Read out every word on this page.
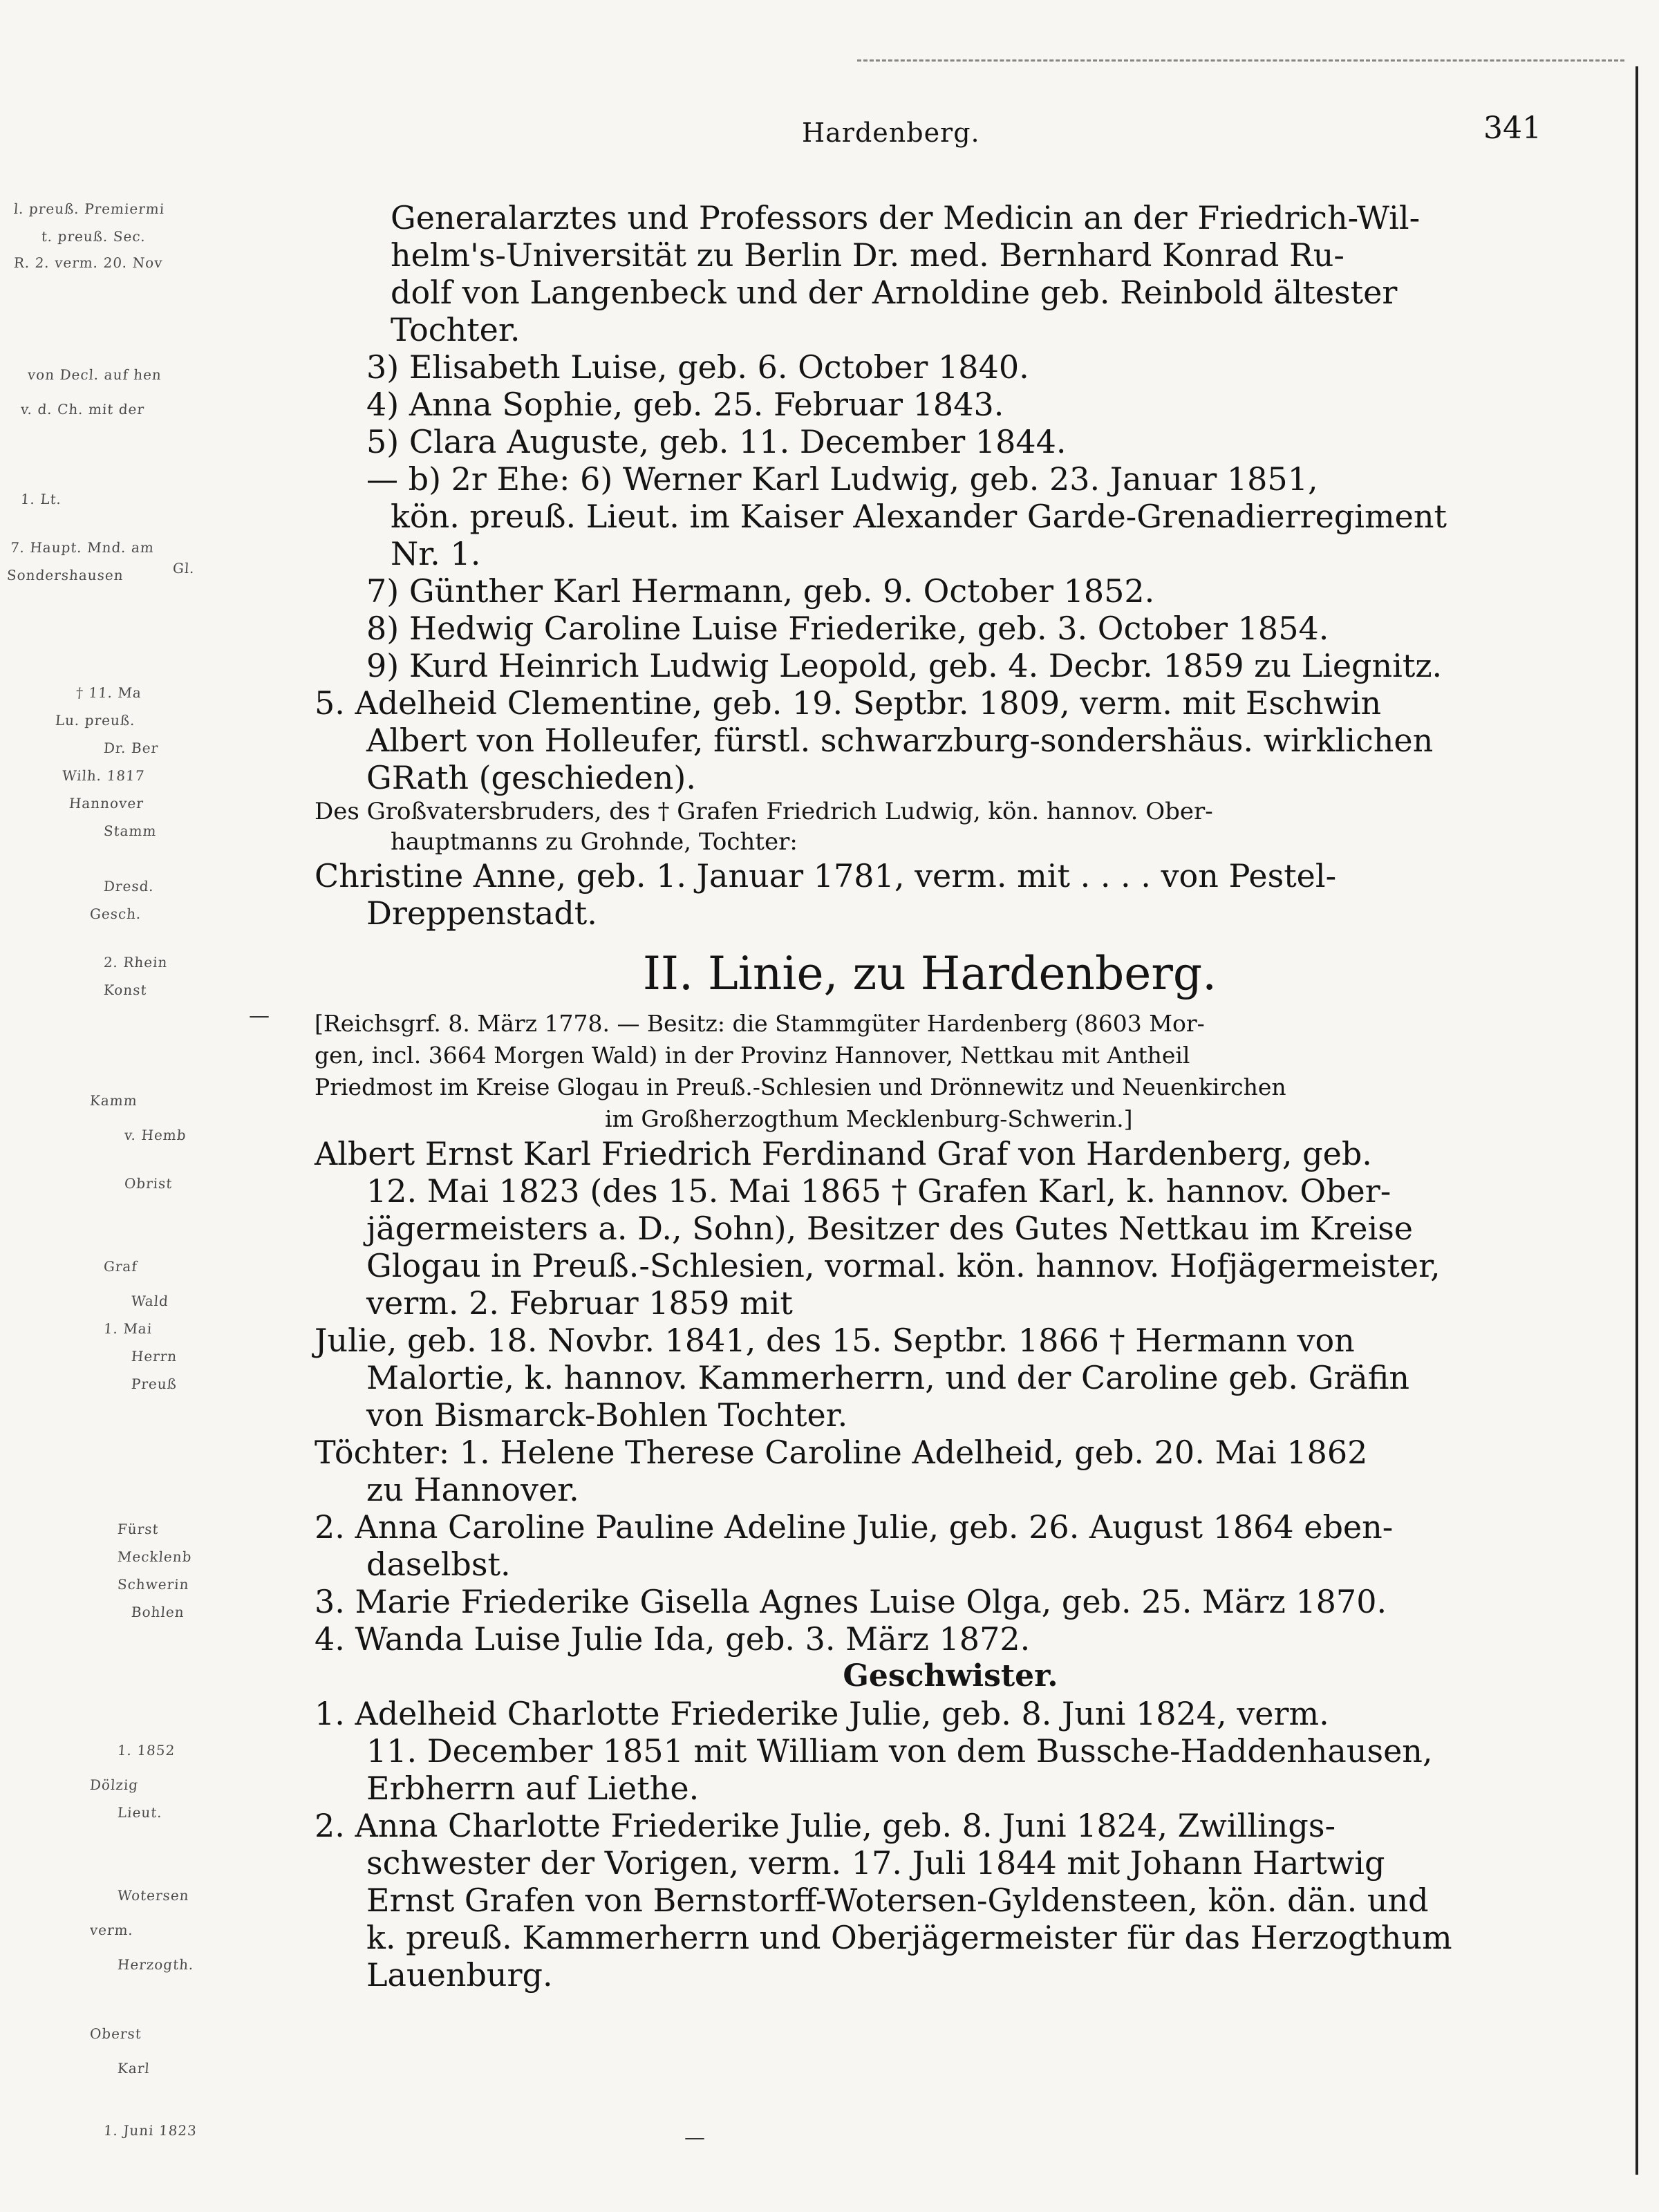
l. preuß. Premiermi
t. preuß. Sec.
R. 2. verm. 20. Nov
von Decl. auf hen
v. d. Ch. mit der
1. Lt.
7. Haupt. Mnd. am
Sondershausen	Gl.
† 11. Ma
Lu. preuß.
Dr. Ber
Wilh. 1817
Hannover
Stamm
Dresd.
Gesch.
2. Rhein
Konst
Kamm
v. Hemb
Obrist
Graf
Wald
1. Mai
Herrn
Preuß
Fürst
Mecklenb
Schwerin
Bohlen
1. 1852
Dölzig
Lieut.
Wotersen
verm.
Herzogth.
Oberst
Karl
1. Juni 1823
—
—
Hardenberg.	341
Generalarztes und Professors der Medicin an der Friedrich-Wil-
helm's-Universität zu Berlin Dr. med. Bernhard Konrad Ru-
dolf von Langenbeck und der Arnoldine geb. Reinbold ältester
Tochter.
3) Elisabeth Luise, geb. 6. October 1840.
4) Anna Sophie, geb. 25. Februar 1843.
5) Clara Auguste, geb. 11. December 1844.
— b) 2r Ehe: 6) Werner Karl Ludwig, geb. 23. Januar 1851,
kön. preuß. Lieut. im Kaiser Alexander Garde-Grenadierregiment
Nr. 1.
7) Günther Karl Hermann, geb. 9. October 1852.
8) Hedwig Caroline Luise Friederike, geb. 3. October 1854.
9) Kurd Heinrich Ludwig Leopold, geb. 4. Decbr. 1859 zu Liegnitz.
5. Adelheid Clementine, geb. 19. Septbr. 1809, verm. mit Eschwin
Albert von Holleufer, fürstl. schwarzburg-sondershäus. wirklichen
GRath (geschieden).
Des Großvatersbruders, des † Grafen Friedrich Ludwig, kön. hannov. Ober-
hauptmanns zu Grohnde, Tochter:
Christine Anne, geb. 1. Januar 1781, verm. mit . . . . von Pestel-
Dreppenstadt.
II. Linie, zu Hardenberg.
[Reichsgrf. 8. März 1778. — Besitz: die Stammgüter Hardenberg (8603 Mor-
gen, incl. 3664 Morgen Wald) in der Provinz Hannover, Nettkau mit Antheil
Priedmost im Kreise Glogau in Preuß.-Schlesien und Drönnewitz und Neuenkirchen
im Großherzogthum Mecklenburg-Schwerin.]
Albert Ernst Karl Friedrich Ferdinand Graf von Hardenberg, geb.
12. Mai 1823 (des 15. Mai 1865 † Grafen Karl, k. hannov. Ober-
jägermeisters a. D., Sohn), Besitzer des Gutes Nettkau im Kreise
Glogau in Preuß.-Schlesien, vormal. kön. hannov. Hofjägermeister,
verm. 2. Februar 1859 mit
Julie, geb. 18. Novbr. 1841, des 15. Septbr. 1866 † Hermann von
Malortie, k. hannov. Kammerherrn, und der Caroline geb. Gräfin
von Bismarck-Bohlen Tochter.
Töchter: 1. Helene Therese Caroline Adelheid, geb. 20. Mai 1862
zu Hannover.
2. Anna Caroline Pauline Adeline Julie, geb. 26. August 1864 eben-
daselbst.
3. Marie Friederike Gisella Agnes Luise Olga, geb. 25. März 1870.
4. Wanda Luise Julie Ida, geb. 3. März 1872.
Geschwister.
1. Adelheid Charlotte Friederike Julie, geb. 8. Juni 1824, verm.
11. December 1851 mit William von dem Bussche-Haddenhausen,
Erbherrn auf Liethe.
2. Anna Charlotte Friederike Julie, geb. 8. Juni 1824, Zwillings-
schwester der Vorigen, verm. 17. Juli 1844 mit Johann Hartwig
Ernst Grafen von Bernstorff-Wotersen-Gyldensteen, kön. dän. und
k. preuß. Kammerherrn und Oberjägermeister für das Herzogthum
Lauenburg.
